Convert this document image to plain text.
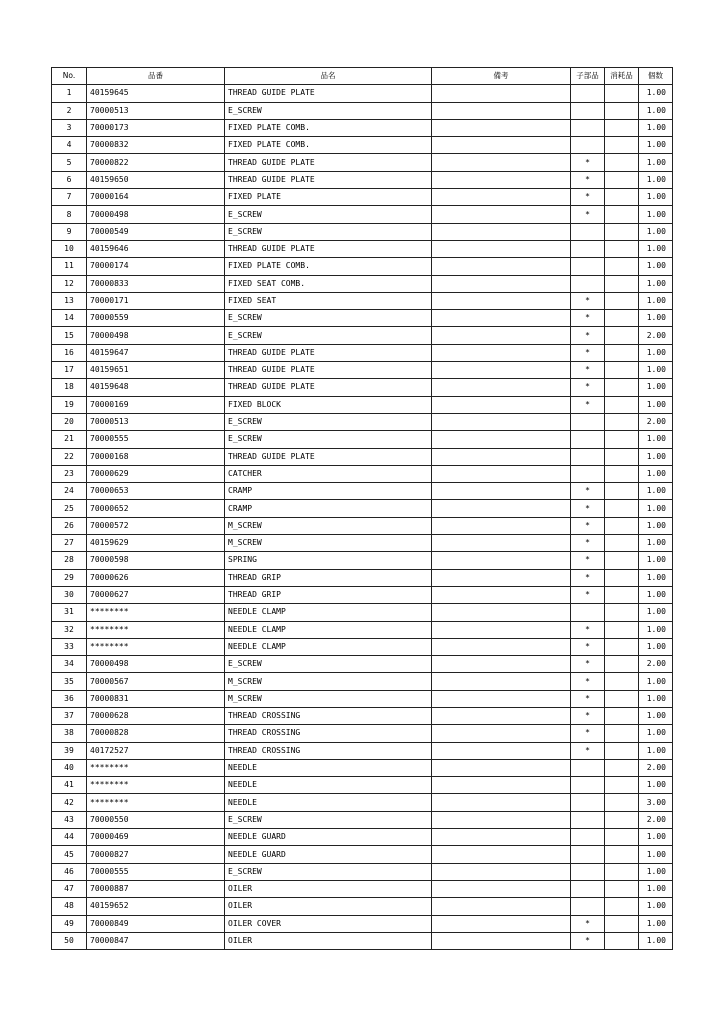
No.	品番	品名	備考	子部品	消耗品	個数
1	40159645	THREAD GUIDE PLATE				1.00
2	70000513	E_SCREW				1.00
3	70000173	FIXED PLATE COMB.				1.00
4	70000832	FIXED PLATE COMB.				1.00
5	70000822	THREAD GUIDE PLATE		*		1.00
6	40159650	THREAD GUIDE PLATE		*		1.00
7	70000164	FIXED PLATE		*		1.00
8	70000498	E_SCREW		*		1.00
9	70000549	E_SCREW				1.00
10	40159646	THREAD GUIDE PLATE				1.00
11	70000174	FIXED PLATE COMB.				1.00
12	70000833	FIXED SEAT COMB.				1.00
13	70000171	FIXED SEAT		*		1.00
14	70000559	E_SCREW		*		1.00
15	70000498	E_SCREW		*		2.00
16	40159647	THREAD GUIDE PLATE		*		1.00
17	40159651	THREAD GUIDE PLATE		*		1.00
18	40159648	THREAD GUIDE PLATE		*		1.00
19	70000169	FIXED BLOCK		*		1.00
20	70000513	E_SCREW				2.00
21	70000555	E_SCREW				1.00
22	70000168	THREAD GUIDE PLATE				1.00
23	70000629	CATCHER				1.00
24	70000653	CRAMP		*		1.00
25	70000652	CRAMP		*		1.00
26	70000572	M_SCREW		*		1.00
27	40159629	M_SCREW		*		1.00
28	70000598	SPRING		*		1.00
29	70000626	THREAD GRIP		*		1.00
30	70000627	THREAD GRIP		*		1.00
31	********	NEEDLE CLAMP				1.00
32	********	NEEDLE CLAMP		*		1.00
33	********	NEEDLE CLAMP		*		1.00
34	70000498	E_SCREW		*		2.00
35	70000567	M_SCREW		*		1.00
36	70000831	M_SCREW		*		1.00
37	70000628	THREAD CROSSING		*		1.00
38	70000828	THREAD CROSSING		*		1.00
39	40172527	THREAD CROSSING		*		1.00
40	********	NEEDLE				2.00
41	********	NEEDLE				1.00
42	********	NEEDLE				3.00
43	70000550	E_SCREW				2.00
44	70000469	NEEDLE GUARD				1.00
45	70000827	NEEDLE GUARD				1.00
46	70000555	E_SCREW				1.00
47	70000887	OILER				1.00
48	40159652	OILER				1.00
49	70000849	OILER COVER		*		1.00
50	70000847	OILER		*		1.00
